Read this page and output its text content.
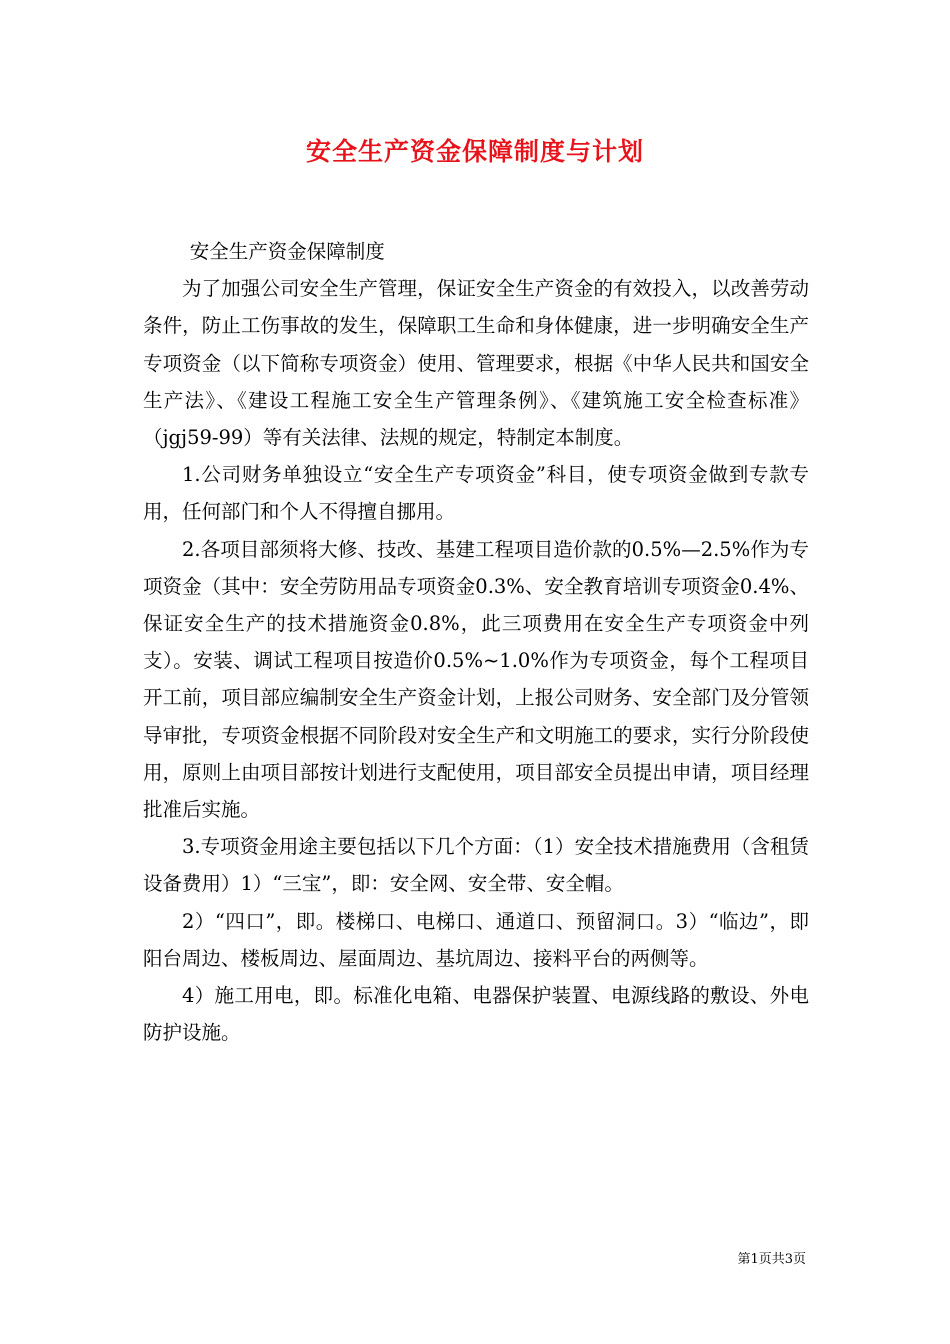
安全生产资金保障制度与计划

安全生产资金保障制度

为了加强公司安全生产管理，保证安全生产资金的有效投入，以改善劳动条件，防止工伤事故的发生，保障职工生命和身体健康，进一步明确安全生产专项资金（以下简称专项资金）使用、管理要求，根据《中华人民共和国安全生产法》、《建设工程施工安全生产管理条例》、《建筑施工安全检查标准》（jgj59-99）等有关法律、法规的规定，特制定本制度。

1.公司财务单独设立“安全生产专项资金”科目，使专项资金做到专款专用，任何部门和个人不得擅自挪用。

2.各项目部须将大修、技改、基建工程项目造价款的0.5%—2.5%作为专项资金（其中：安全劳防用品专项资金0.3%、安全教育培训专项资金0.4%、保证安全生产的技术措施资金0.8%，此三项费用在安全生产专项资金中列支）。安装、调试工程项目按造价0.5%~1.0%作为专项资金，每个工程项目开工前，项目部应编制安全生产资金计划，上报公司财务、安全部门及分管领导审批，专项资金根据不同阶段对安全生产和文明施工的要求，实行分阶段使用，原则上由项目部按计划进行支配使用，项目部安全员提出申请，项目经理批准后实施。

3.专项资金用途主要包括以下几个方面：（1）安全技术措施费用（含租赁设备费用）1）“三宝”，即：安全网、安全带、安全帽。

2）“四口”，即。楼梯口、电梯口、通道口、预留洞口。3）“临边”，即阳台周边、楼板周边、屋面周边、基坑周边、接料平台的两侧等。

4）施工用电，即。标准化电箱、电器保护装置、电源线路的敷设、外电防护设施。

第1页共3页
